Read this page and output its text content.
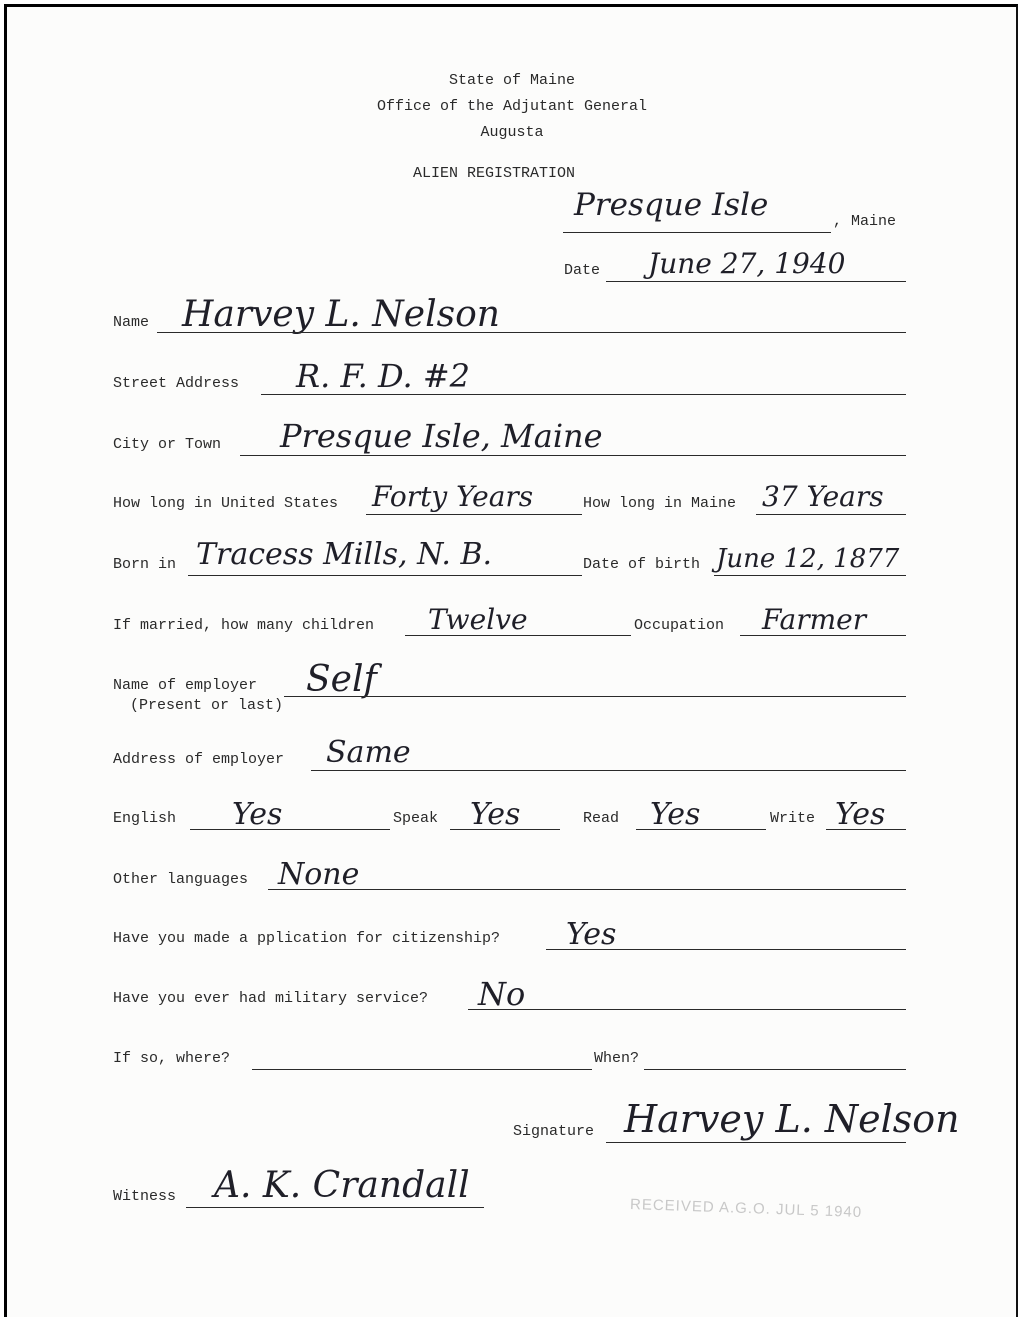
State of Maine
Office of the Adjutant General
Augusta
ALIEN REGISTRATION
Presque Isle	, Maine
Date June 27, 1940
Name Harvey L. Nelson
Street Address R. F. D. #2
City or Town Presque Isle, Maine
How long in United States Forty Years	How long in Maine 37 Years
Born in Tracess Mills, N. B.	Date of birth June 12, 1877
If married, how many children Twelve	Occupation Farmer
Name of employer
(Present or last)
Self
Address of employer Same
English Yes	Speak Yes	Read Yes	Write Yes
Other languages None
Have you made a pplication for citizenship? Yes
Have you ever had military service? No
If so, where?	When?
Signature Harvey L. Nelson
Witness A. K. Crandall
RECEIVED A.G.O. JUL 5 1940
